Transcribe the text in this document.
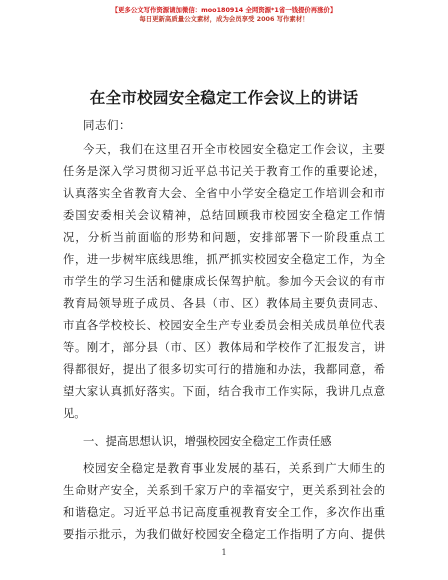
【更多公文写作资源请加微信：moo180914 全网资源*1省一钱提价再涨价】
每日更新高质量公文素材，成为会员享受 2006 写作素材！
在全市校园安全稳定工作会议上的讲话
同志们：
今天，我们在这里召开全市校园安全稳定工作会议，主要
任务是深入学习贯彻习近平总书记关于教育工作的重要论述，
认真落实全省教育大会、全省中小学安全稳定工作培训会和市
委国安委相关会议精神，总结回顾我市校园安全稳定工作情
况，分析当前面临的形势和问题，安排部署下一阶段重点工
作，进一步树牢底线思维，抓严抓实校园安全稳定工作，为全
市学生的学习生活和健康成长保驾护航。参加今天会议的有市
教育局领导班子成员、各县（市、区）教体局主要负责同志、
市直各学校校长、校园安全生产专业委员会相关成员单位代表
等。刚才，部分县（市、区）教体局和学校作了汇报发言，讲
得都很好，提出了很多切实可行的措施和办法，我都同意，希
望大家认真抓好落实。下面，结合我市工作实际，我讲几点意
见。
一、提高思想认识，增强校园安全稳定工作责任感
校园安全稳定是教育事业发展的基石，关系到广大师生的
生命财产安全，关系到千家万户的幸福安宁，更关系到社会的
和谐稳定。习近平总书记高度重视教育安全工作，多次作出重
要指示批示，为我们做好校园安全稳定工作指明了方向、提供
1
